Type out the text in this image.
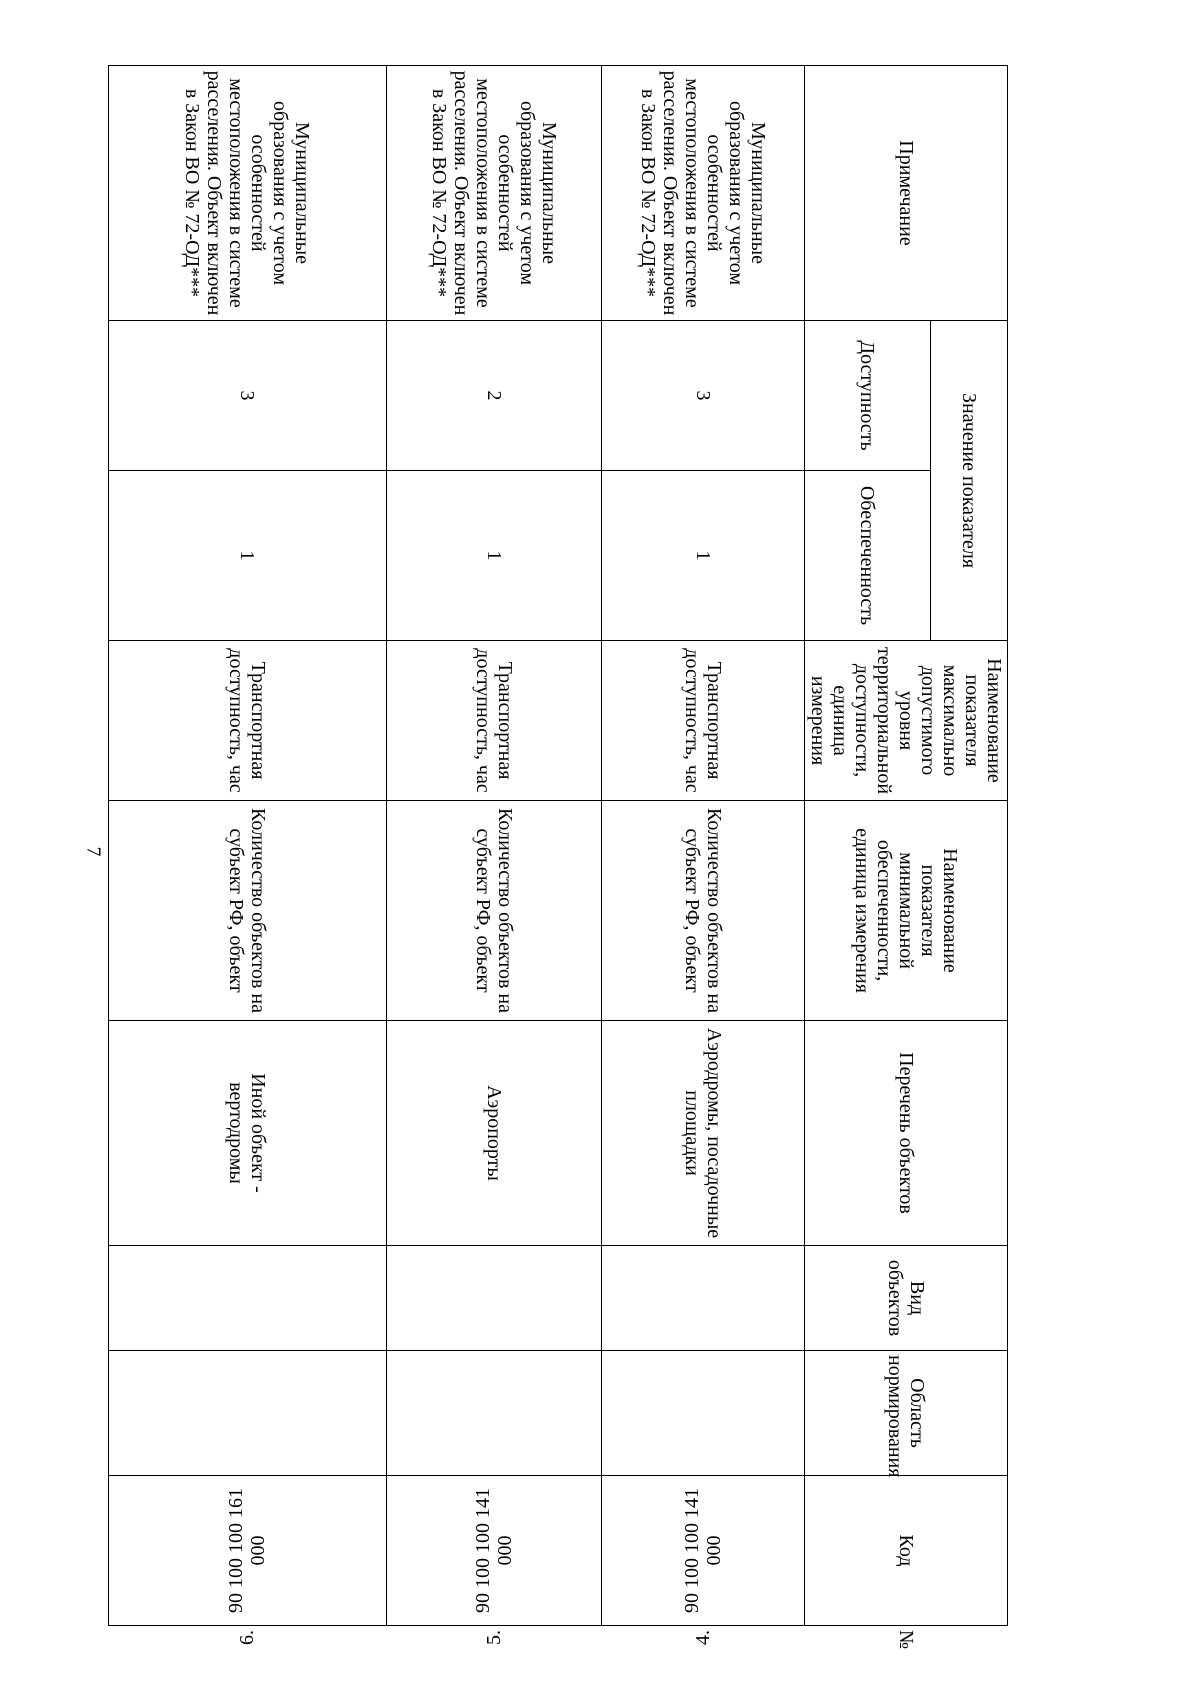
7
Примечание	Значение показателя		Наименование показателя максимально допустимого уровня территориальной доступности, единица измерения	Наименование показателя минимальной обеспеченности, единица измерения	Перечень объектов	Вид объектов	Область нормирования	Код	№
	Доступность	Обеспеченность							
Муниципальные образования с учетом особенностей местоположения в системе расселения. Объект включен в Закон ВО № 72-ОД***	3	1	Транспортная доступность, час	Количество объектов на субъект РФ, объект	Аэродромы, посадочные площадки			90 100 100 141 000	4.
Муниципальные образования с учетом особенностей местоположения в системе расселения. Объект включен в Закон ВО № 72-ОД***	2	1	Транспортная доступность, час	Количество объектов на субъект РФ, объект	Аэропорты			90 100 100 141 000	5.
Муниципальные образования с учетом особенностей местоположения в системе расселения. Объект включен в Закон ВО № 72-ОД***	3	1	Транспортная доступность, час	Количество объектов на субъект РФ, объект	Иной объект - вертодромы			90 100 100 161 000	6.
